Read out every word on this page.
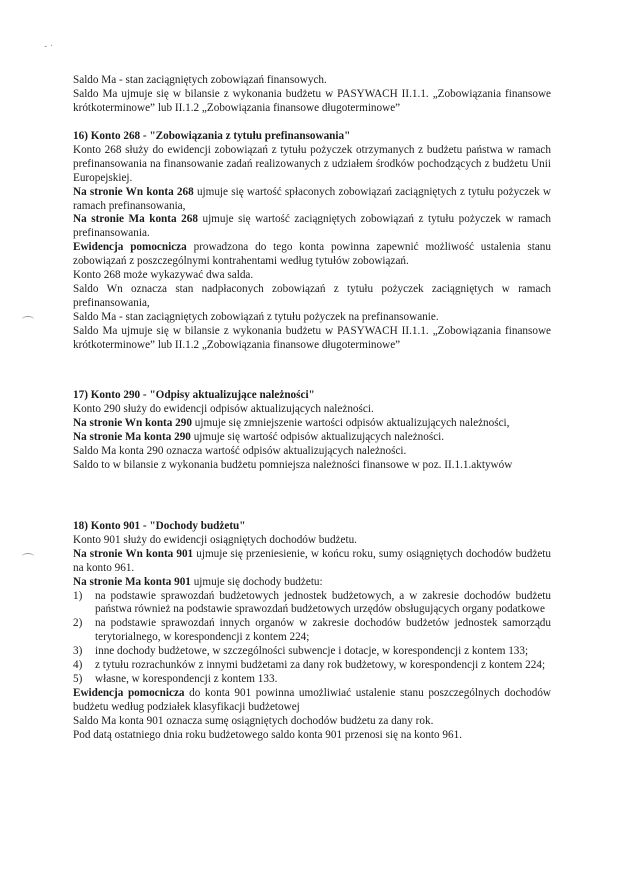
- ·

Saldo Ma - stan zaciągniętych zobowiązań finansowych.

Saldo Ma ujmuje się w bilansie z wykonania budżetu w PASYWACH II.1.1. „Zobowiązania finansowe krótkoterminowe” lub II.1.2 „Zobowiązania finansowe długoterminowe”

16) Konto 268 - "Zobowiązania z tytułu prefinansowania"

Konto 268 służy do ewidencji zobowiązań z tytułu pożyczek otrzymanych z budżetu państwa w ramach prefinansowania na finansowanie zadań realizowanych z udziałem środków pochodzących z budżetu Unii Europejskiej.

Na stronie Wn konta 268 ujmuje się wartość spłaconych zobowiązań zaciągniętych z tytułu pożyczek w ramach prefinansowania,

Na stronie Ma konta 268 ujmuje się wartość zaciągniętych zobowiązań z tytułu pożyczek w ramach prefinansowania.

Ewidencja pomocnicza prowadzona do tego konta powinna zapewnić możliwość ustalenia stanu zobowiązań z poszczególnymi kontrahentami według tytułów zobowiązań.

Konto 268 może wykazywać dwa salda.

Saldo Wn oznacza stan nadpłaconych zobowiązań z tytułu pożyczek zaciągniętych w ramach prefinansowania,

Saldo Ma - stan zaciągniętych zobowiązań z tytułu pożyczek na prefinansowanie.

Saldo Ma ujmuje się w bilansie z wykonania budżetu w PASYWACH II.1.1. „Zobowiązania finansowe krótkoterminowe” lub II.1.2 „Zobowiązania finansowe długoterminowe”

17) Konto 290 - "Odpisy aktualizujące należności"

Konto 290 służy do ewidencji odpisów aktualizujących należności.

Na stronie Wn konta 290 ujmuje się zmniejszenie wartości odpisów aktualizujących należności,

Na stronie Ma konta 290 ujmuje się wartość odpisów aktualizujących należności.

Saldo Ma konta 290 oznacza wartość odpisów aktualizujących należności.

Saldo to w bilansie z wykonania budżetu pomniejsza należności finansowe w poz. II.1.1.aktywów

18) Konto 901 - "Dochody budżetu"

Konto 901 służy do ewidencji osiągniętych dochodów budżetu.

Na stronie Wn konta 901 ujmuje się przeniesienie, w końcu roku, sumy osiągniętych dochodów budżetu na konto 961.

Na stronie Ma konta 901 ujmuje się dochody budżetu:

1) na podstawie sprawozdań budżetowych jednostek budżetowych, a w zakresie dochodów budżetu państwa również na podstawie sprawozdań budżetowych urzędów obsługujących organy podatkowe
2) na podstawie sprawozdań innych organów w zakresie dochodów budżetów jednostek samorządu terytorialnego, w korespondencji z kontem 224;
3) inne dochody budżetowe, w szczególności subwencje i dotacje, w korespondencji z kontem 133;
4) z tytułu rozrachunków z innymi budżetami za dany rok budżetowy, w korespondencji z kontem 224;
5) własne, w korespondencji z kontem 133.

Ewidencja pomocnicza do konta 901 powinna umożliwiać ustalenie stanu poszczególnych dochodów budżetu według podziałek klasyfikacji budżetowej

Saldo Ma konta 901 oznacza sumę osiągniętych dochodów budżetu za dany rok.

Pod datą ostatniego dnia roku budżetowego saldo konta 901 przenosi się na konto 961.
